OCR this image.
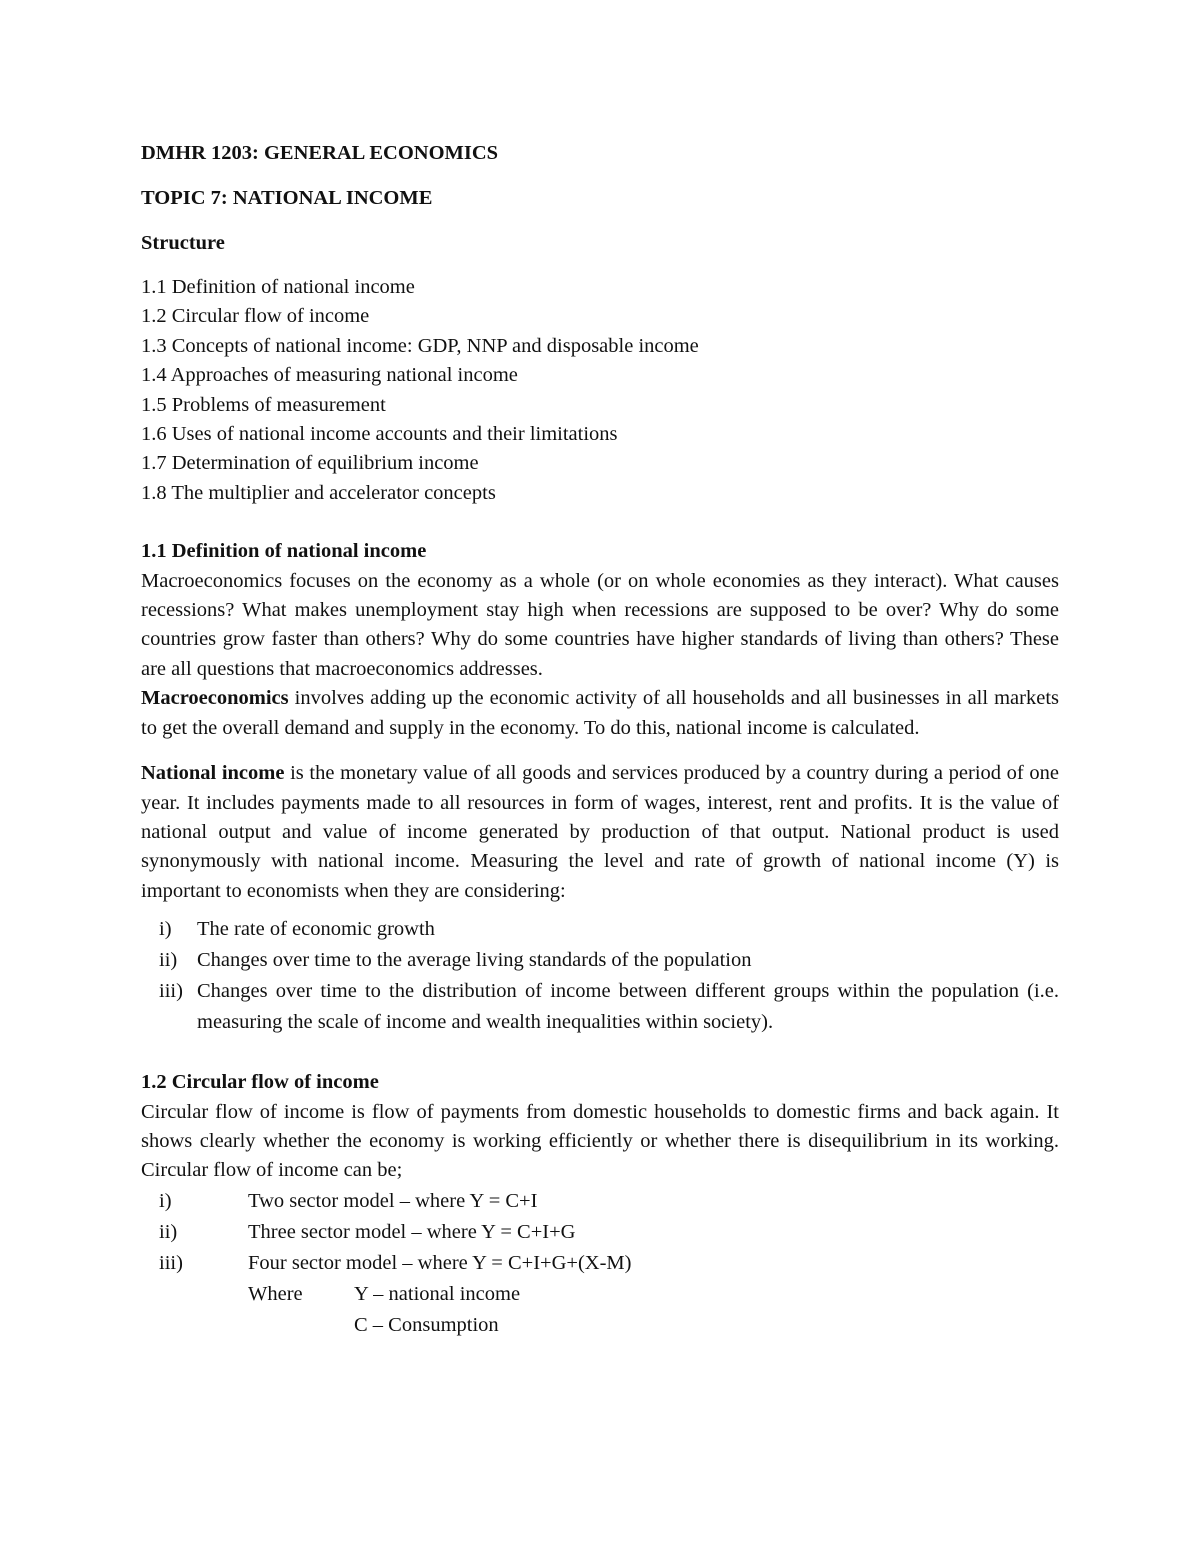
DMHR 1203: GENERAL ECONOMICS

TOPIC 7: NATIONAL INCOME

Structure

1.1 Definition of national income
1.2 Circular flow of income
1.3 Concepts of national income: GDP, NNP and disposable income
1.4 Approaches of measuring national income
1.5 Problems of measurement
1.6 Uses of national income accounts and their limitations
1.7 Determination of equilibrium income
1.8 The multiplier and accelerator concepts

1.1 Definition of national income

Macroeconomics focuses on the economy as a whole (or on whole economies as they interact). What causes recessions? What makes unemployment stay high when recessions are supposed to be over? Why do some countries grow faster than others? Why do some countries have higher standards of living than others? These are all questions that macroeconomics addresses.

Macroeconomics involves adding up the economic activity of all households and all businesses in all markets to get the overall demand and supply in the economy. To do this, national income is calculated.

National income is the monetary value of all goods and services produced by a country during a period of one year. It includes payments made to all resources in form of wages, interest, rent and profits. It is the value of national output and value of income generated by production of that output. National product is used synonymously with national income. Measuring the level and rate of growth of national income (Y) is important to economists when they are considering:

i) The rate of economic growth
ii) Changes over time to the average living standards of the population
iii) Changes over time to the distribution of income between different groups within the population (i.e. measuring the scale of income and wealth inequalities within society).

1.2 Circular flow of income

Circular flow of income is flow of payments from domestic households to domestic firms and back again. It shows clearly whether the economy is working efficiently or whether there is disequilibrium in its working. Circular flow of income can be;

i)	Two sector model – where Y = C+I
ii)	Three sector model – where Y = C+I+G
iii)	Four sector model – where Y = C+I+G+(X-M)
Where	Y – national income
C – Consumption
